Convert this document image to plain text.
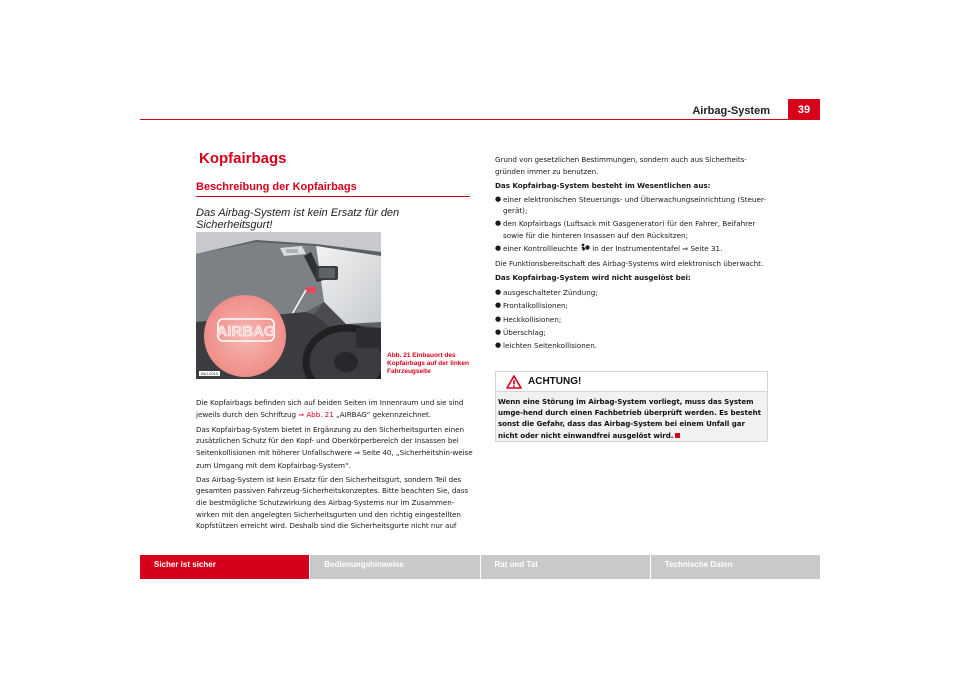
Airbag-System	39
Kopfairbags
Beschreibung der Kopfairbags
Das Airbag-System ist kein Ersatz für den Sicherheitsgurt!
AIRBAG
B6J-0010
Abb. 21 Einbauort des Kopfairbags auf der linken Fahrzeugseite

Die Kopfairbags befinden sich auf beiden Seiten im Innenraum und sie sind jeweils durch den Schriftzug ⇒ Abb. 21 „AIRBAG“ gekennzeichnet.

Das Kopfairbag-System bietet in Ergänzung zu den Sicherheitsgurten einen zusätzlichen Schutz für den Kopf- und Oberkörperbereich der Insassen bei Seitenkollisionen mit höherer Unfallschwere ⇒ Seite 40, „Sicherheitshin-weise zum Umgang mit dem Kopfairbag-System“.

Das Airbag-System ist kein Ersatz für den Sicherheitsgurt, sondern Teil des gesamten passiven Fahrzeug-Sicherheitskonzeptes. Bitte beachten Sie, dass die bestmögliche Schutzwirkung des Airbag-Systems nur im Zusammen-wirken mit den angelegten Sicherheitsgurten und den richtig eingestellten Kopfstützen erreicht wird. Deshalb sind die Sicherheitsgurte nicht nur auf

Grund von gesetzlichen Bestimmungen, sondern auch aus Sicherheits-gründen immer zu benutzen.

Das Kopfairbag-System besteht im Wesentlichen aus:

● einer elektronischen Steuerungs- und Überwachungseinrichtung (Steuer-gerät);
● den Kopfairbags (Luftsack mit Gasgenerator) für den Fahrer, Beifahrer sowie für die hinteren Insassen auf den Rücksitzen;
● einer Kontrollleuchte  in der Instrumententafel ⇒ Seite 31.

Die Funktionsbereitschaft des Airbag-Systems wird elektronisch überwacht.

Das Kopfairbag-System wird nicht ausgelöst bei:

● ausgeschalteter Zündung;
● Frontalkollisionen;
● Heckkollisionen;
● Überschlag;
● leichten Seitenkollisionen.
ACHTUNG!

Wenn eine Störung im Airbag-System vorliegt, muss das System umge-hend durch einen Fachbetrieb überprüft werden. Es besteht sonst die Gefahr, dass das Airbag-System bei einem Unfall gar nicht oder nicht einwandfrei ausgelöst wird.

Sicher ist sicher	Bedienungshinweise	Rat und Tat	Technische Daten
